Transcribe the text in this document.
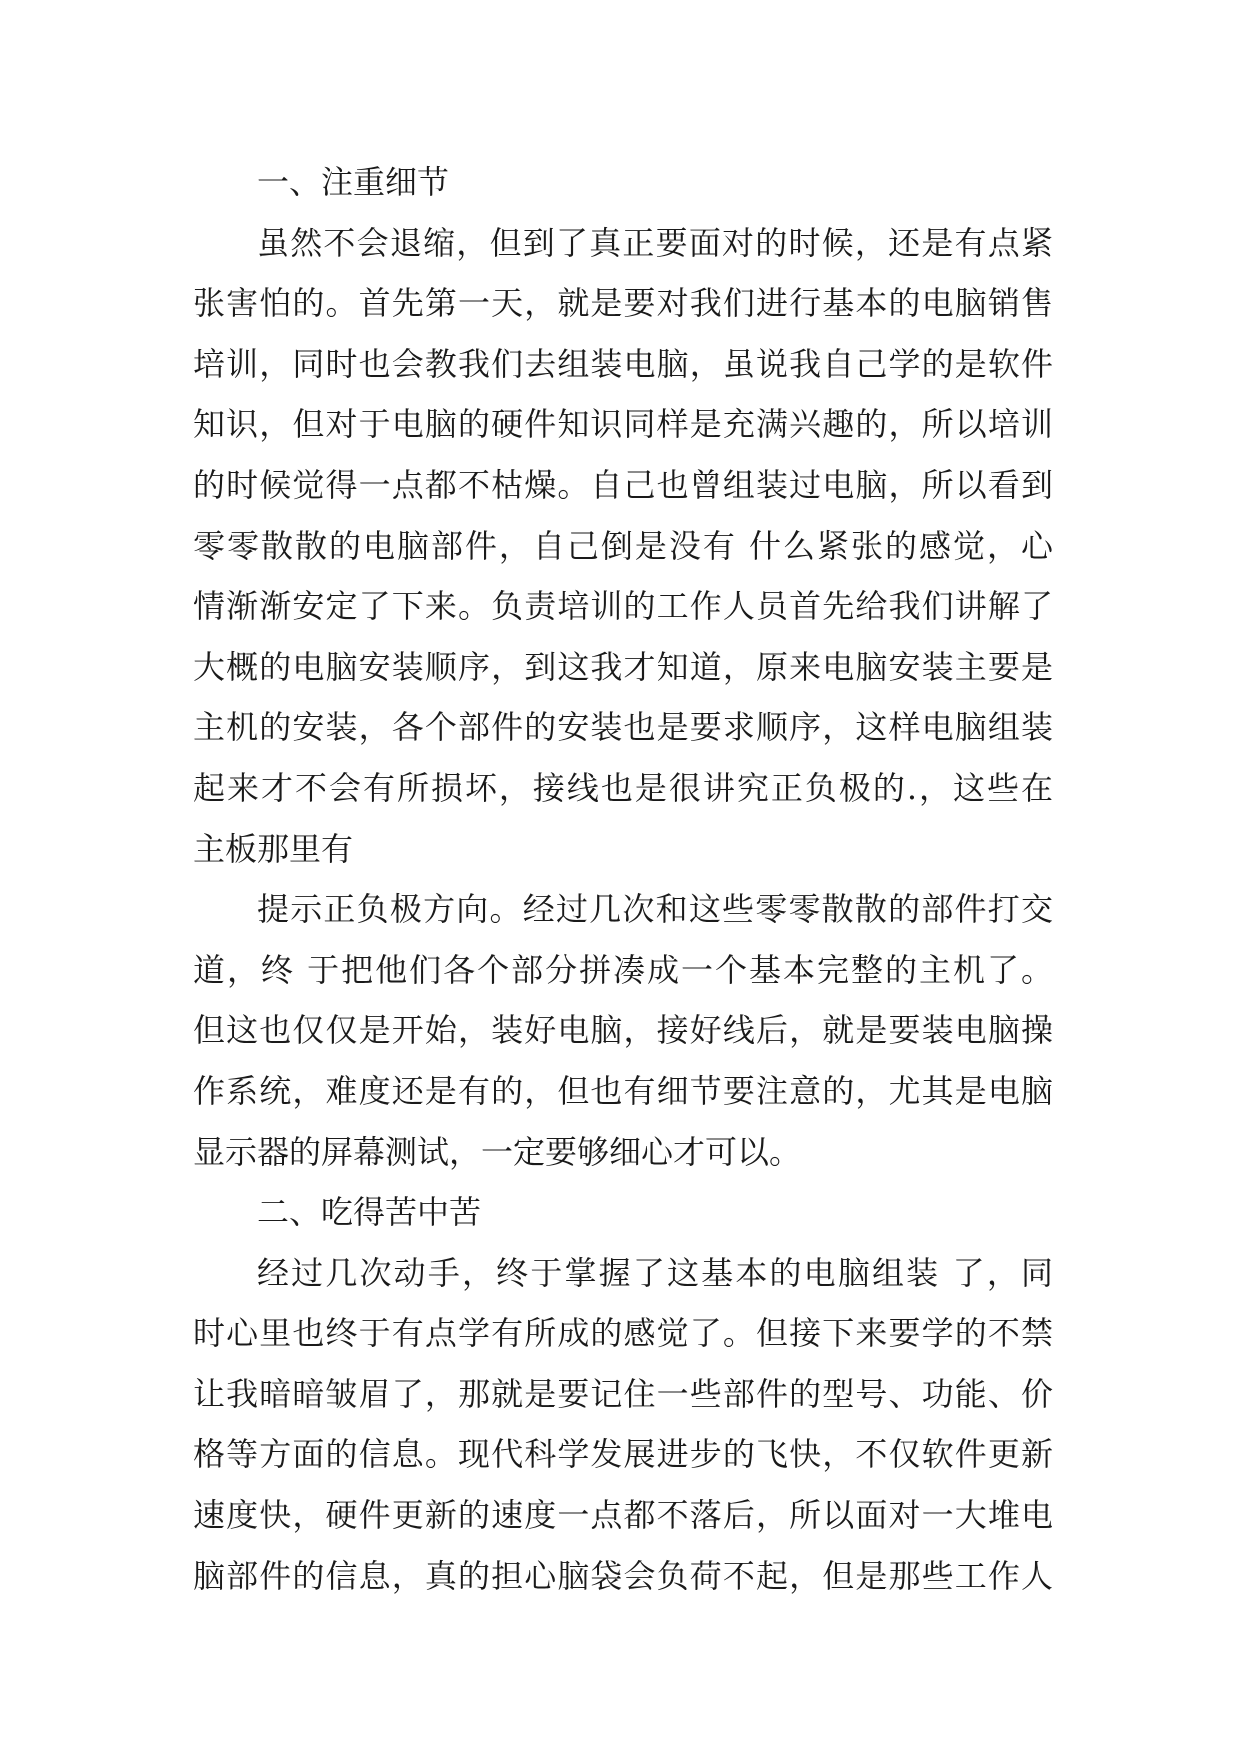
一、注重细节
虽然不会退缩，但到了真正要面对的时候，还是有点紧
张害怕的。首先第一天，就是要对我们进行基本的电脑销售
培训，同时也会教我们去组装电脑，虽说我自己学的是软件
知识，但对于电脑的硬件知识同样是充满兴趣的，所以培训
的时候觉得一点都不枯燥。自己也曾组装过电脑，所以看到
零零散散的电脑部件，自己倒是没有 什么紧张的感觉，心
情渐渐安定了下来。负责培训的工作人员首先给我们讲解了
大概的电脑安装顺序，到这我才知道，原来电脑安装主要是
主机的安装，各个部件的安装也是要求顺序，这样电脑组装
起来才不会有所损坏，接线也是很讲究正负极的.，这些在
主板那里有
提示正负极方向。经过几次和这些零零散散的部件打交
道，终 于把他们各个部分拼凑成一个基本完整的主机了。
但这也仅仅是开始，装好电脑，接好线后，就是要装电脑操
作系统，难度还是有的，但也有细节要注意的，尤其是电脑
显示器的屏幕测试，一定要够细心才可以。
二、吃得苦中苦
经过几次动手，终于掌握了这基本的电脑组装 了，同
时心里也终于有点学有所成的感觉了。但接下来要学的不禁
让我暗暗皱眉了，那就是要记住一些部件的型号、功能、价
格等方面的信息。现代科学发展进步的飞快，不仅软件更新
速度快，硬件更新的速度一点都不落后，所以面对一大堆电
脑部件的信息，真的担心脑袋会负荷不起，但是那些工作人
